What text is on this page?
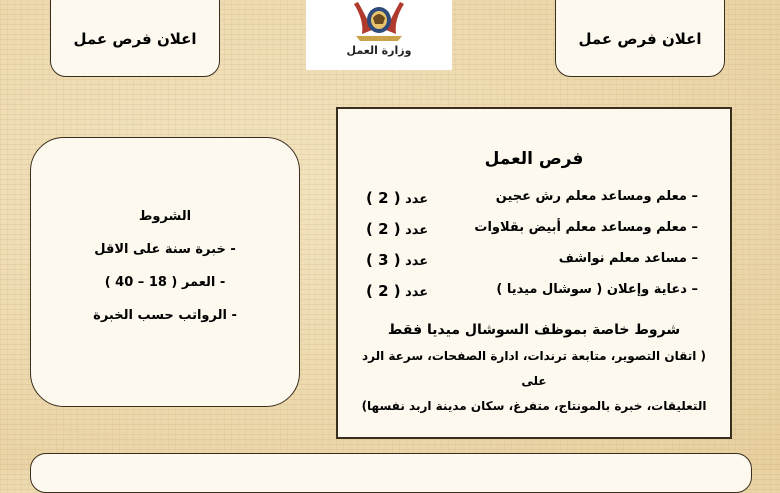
اعلان فرص عمل
وزارة العمل
اعلان فرص عمل
الشروط
- خبرة سنة على الاقل
- العمر ( 18 – 40 )
- الرواتب حسب الخبرة
فرص العمل
– معلم ومساعد معلم رش عجين
عدد ( 2 )
– معلم ومساعد معلم أبيض بقلاوات
عدد ( 2 )
– مساعد معلم نواشف
عدد ( 3 )
– دعاية وإعلان ( سوشال ميديا )
عدد ( 2 )
شروط خاصة بموظف السوشال ميديا فقط
( اتقان التصوير، متابعة ترندات، ادارة الصفحات، سرعة الرد على
التعليقات، خبرة بالمونتاج، متفرغ، سكان مدينة اربد نفسها)
